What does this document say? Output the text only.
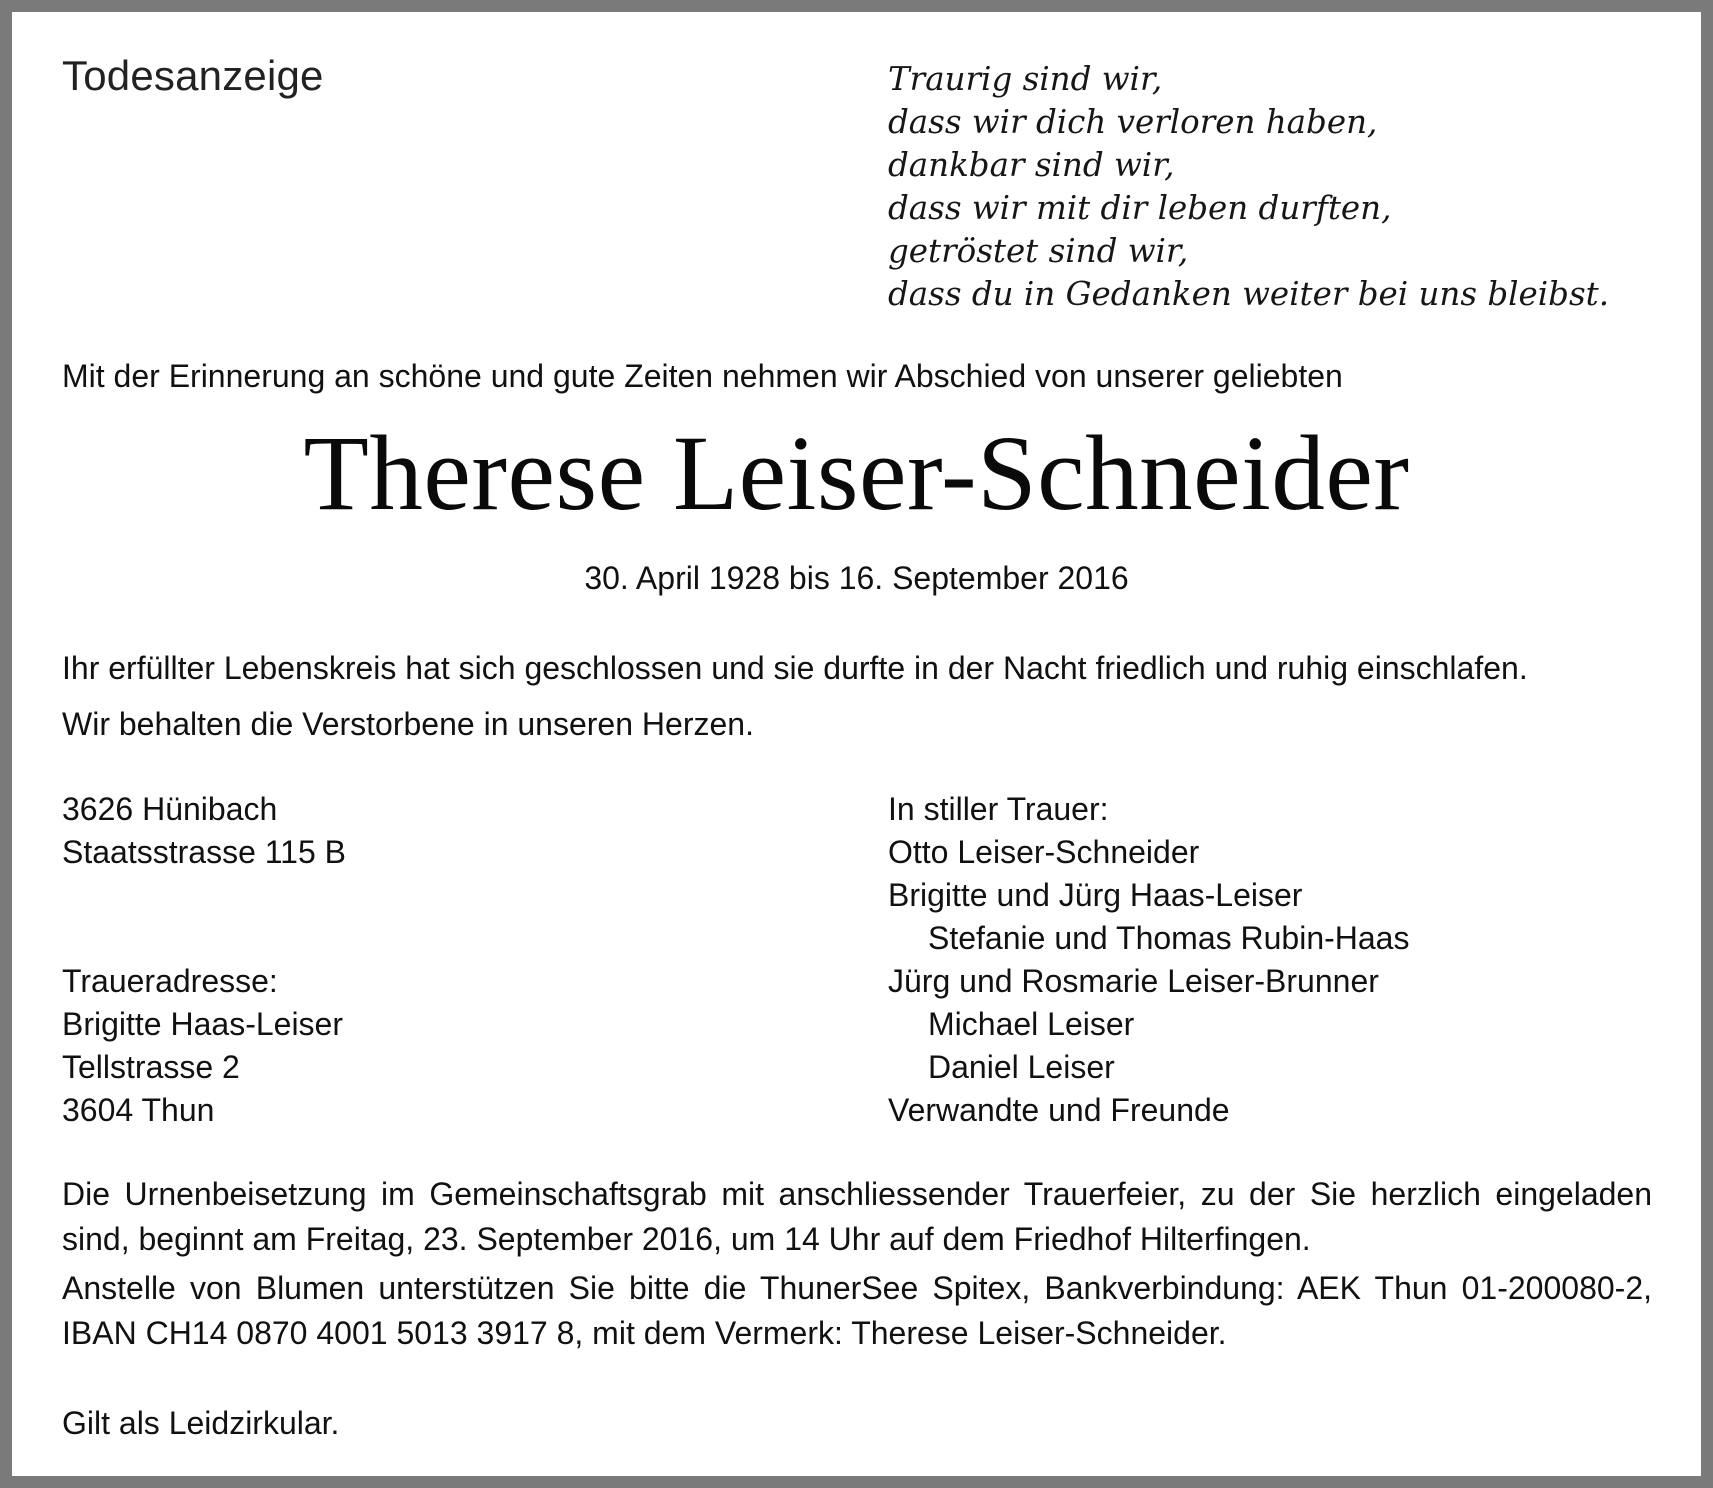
Todesanzeige	Traurig sind wir,
dass wir dich verloren haben,
dankbar sind wir,
dass wir mit dir leben durften,
getröstet sind wir,
dass du in Gedanken weiter bei uns bleibst.
Mit der Erinnerung an schöne und gute Zeiten nehmen wir Abschied von unserer geliebten
Therese Leiser-Schneider
30. April 1928 bis 16. September 2016
Ihr erfüllter Lebenskreis hat sich geschlossen und sie durfte in der Nacht friedlich und ruhig einschlafen.
Wir behalten die Verstorbene in unseren Herzen.
3626 Hünibach
Staatsstrasse 115 B
Traueradresse:
Brigitte Haas-Leiser
Tellstrasse 2
3604 Thun
In stiller Trauer:
Otto Leiser-Schneider
Brigitte und Jürg Haas-Leiser
Stefanie und Thomas Rubin-Haas
Jürg und Rosmarie Leiser-Brunner
Michael Leiser
Daniel Leiser
Verwandte und Freunde

Die Urnenbeisetzung im Gemeinschaftsgrab mit anschliessender Trauerfeier, zu der Sie herzlich eingeladen sind, beginnt am Freitag, 23. September 2016, um 14 Uhr auf dem Friedhof Hilterfingen.

Anstelle von Blumen unterstützen Sie bitte die ThunerSee Spitex, Bankverbindung: AEK Thun 01-200080-2, IBAN CH14 0870 4001 5013 3917 8, mit dem Vermerk: Therese Leiser-Schneider.

Gilt als Leidzirkular.
